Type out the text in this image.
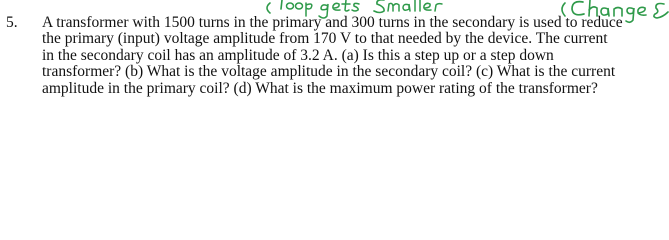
( loop gets smaller	( Change &
5. A transformer with 1500 turns in the primary and 300 turns in the secondary is used to reduce
the primary (input) voltage amplitude from 170 V to that needed by the device. The current
in the secondary coil has an amplitude of 3.2 A. (a) Is this a step up or a step down
transformer? (b) What is the voltage amplitude in the secondary coil? (c) What is the current
amplitude in the primary coil? (d) What is the maximum power rating of the transformer?
